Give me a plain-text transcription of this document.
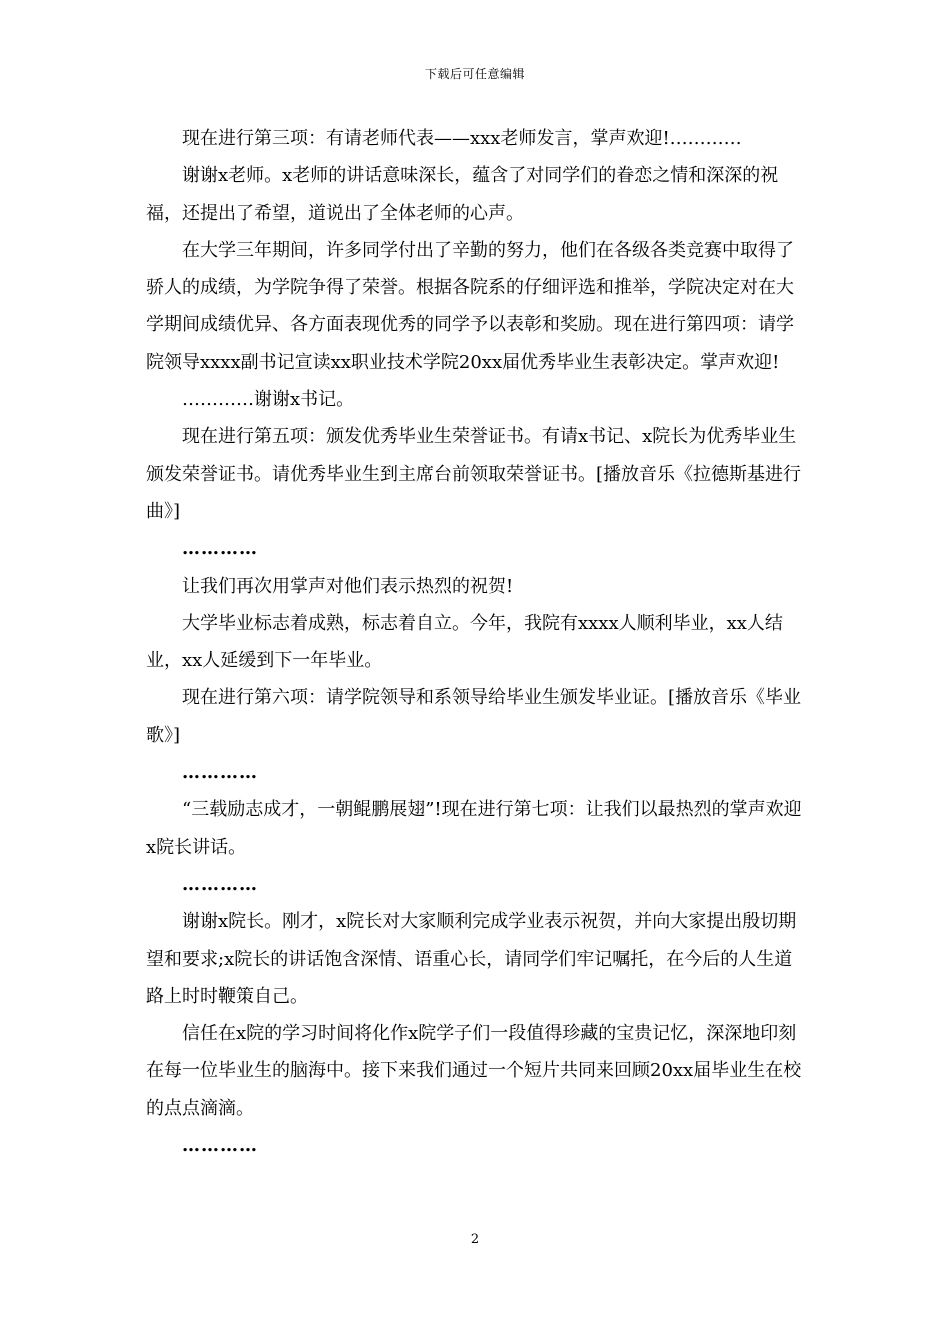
下载后可任意编辑

现在进行第三项：有请老师代表——xxx老师发言，掌声欢迎!…………

谢谢x老师。x老师的讲话意味深长，蕴含了对同学们的眷恋之情和深深的祝福，还提出了希望，道说出了全体老师的心声。

在大学三年期间，许多同学付出了辛勤的努力，他们在各级各类竞赛中取得了骄人的成绩，为学院争得了荣誉。根据各院系的仔细评选和推举，学院决定对在大学期间成绩优异、各方面表现优秀的同学予以表彰和奖励。现在进行第四项：请学院领导xxxx副书记宣读xx职业技术学院20xx届优秀毕业生表彰决定。掌声欢迎!

…………谢谢x书记。

现在进行第五项：颁发优秀毕业生荣誉证书。有请x书记、x院长为优秀毕业生颁发荣誉证书。请优秀毕业生到主席台前领取荣誉证书。[播放音乐《拉德斯基进行曲》]

…………

让我们再次用掌声对他们表示热烈的祝贺!

大学毕业标志着成熟，标志着自立。今年，我院有xxxx人顺利毕业，xx人结业，xx人延缓到下一年毕业。

现在进行第六项：请学院领导和系领导给毕业生颁发毕业证。[播放音乐《毕业歌》]

…………

“三载励志成才，一朝鲲鹏展翅”!现在进行第七项：让我们以最热烈的掌声欢迎x院长讲话。

…………

谢谢x院长。刚才，x院长对大家顺利完成学业表示祝贺，并向大家提出殷切期望和要求;x院长的讲话饱含深情、语重心长，请同学们牢记嘱托，在今后的人生道路上时时鞭策自己。

信任在x院的学习时间将化作x院学子们一段值得珍藏的宝贵记忆，深深地印刻在每一位毕业生的脑海中。接下来我们通过一个短片共同来回顾20xx届毕业生在校的点点滴滴。

…………

2
